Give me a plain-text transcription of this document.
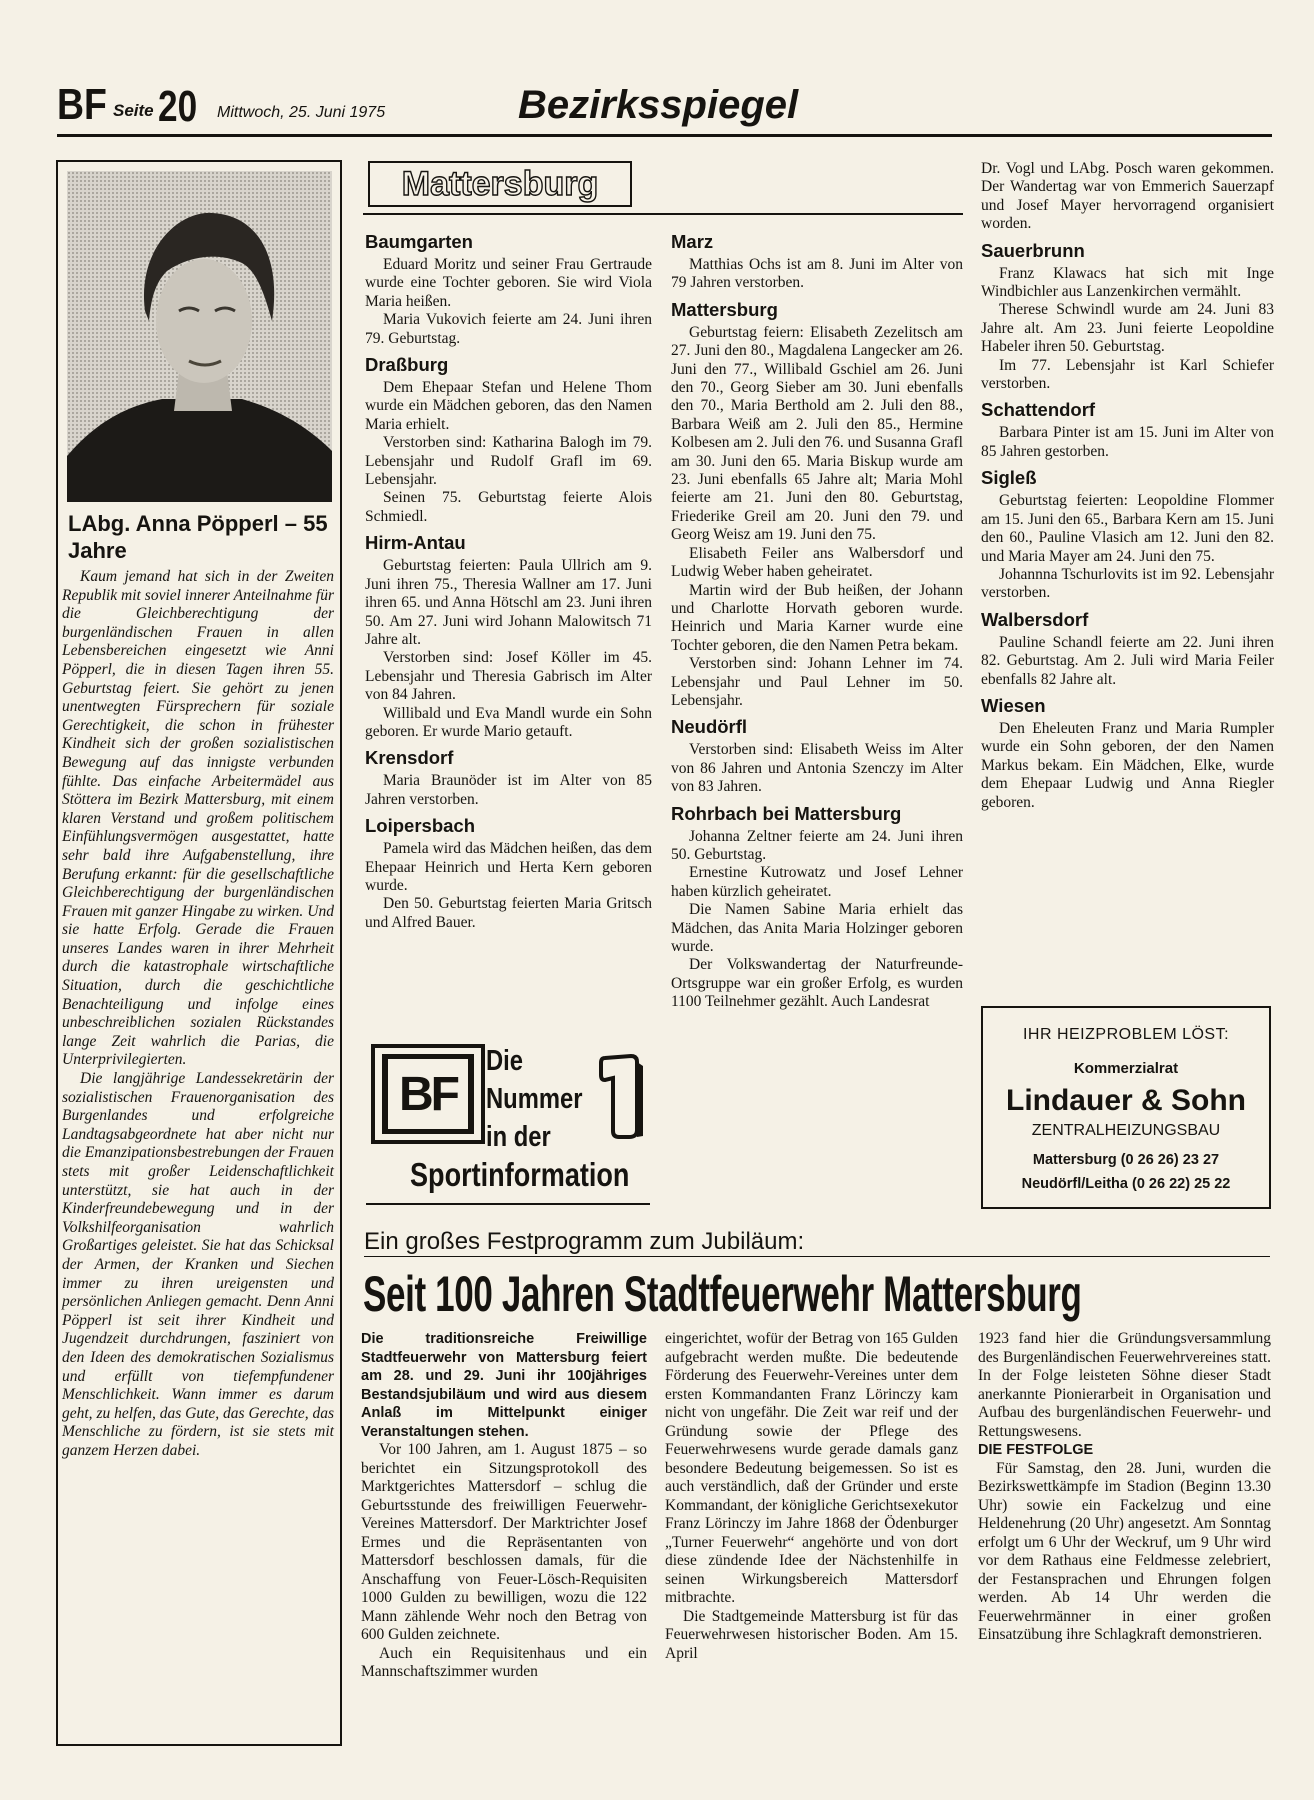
BF Seite 20 Mittwoch, 25. Juni 1975	Bezirksspiegel
LAbg. Anna Pöpperl – 55 Jahre

Kaum jemand hat sich in der Zweiten Republik mit soviel innerer Anteilnahme für die Gleichberechtigung der burgenländischen Frauen in allen Lebensbereichen eingesetzt wie Anni Pöpperl, die in diesen Tagen ihren 55. Geburtstag feiert. Sie gehört zu jenen unentwegten Fürsprechern für soziale Gerechtigkeit, die schon in frühester Kindheit sich der großen sozialistischen Bewegung auf das innigste verbunden fühlte. Das einfache Arbeitermädel aus Stöttera im Bezirk Mattersburg, mit einem klaren Verstand und großem politischem Einfühlungsvermögen ausgestattet, hatte sehr bald ihre Aufgabenstellung, ihre Berufung erkannt: für die gesellschaftliche Gleichberechtigung der burgenländischen Frauen mit ganzer Hingabe zu wirken. Und sie hatte Erfolg. Gerade die Frauen unseres Landes waren in ihrer Mehrheit durch die katastrophale wirtschaftliche Situation, durch die geschichtliche Benachteiligung und infolge eines unbeschreiblichen sozialen Rückstandes lange Zeit wahrlich die Parias, die Unterprivilegierten.

Die langjährige Landessekretärin der sozialistischen Frauenorganisation des Burgenlandes und erfolgreiche Landtagsabgeordnete hat aber nicht nur die Emanzipationsbestrebungen der Frauen stets mit großer Leidenschaftlichkeit unterstützt, sie hat auch in der Kinderfreundebewegung und in der Volkshilfeorganisation wahrlich Großartiges geleistet. Sie hat das Schicksal der Armen, der Kranken und Siechen immer zu ihren ureigensten und persönlichen Anliegen gemacht. Denn Anni Pöpperl ist seit ihrer Kindheit und Jugendzeit durchdrungen, fasziniert von den Ideen des demokratischen Sozialismus und erfüllt von tiefempfundener Menschlichkeit. Wann immer es darum geht, zu helfen, das Gute, das Gerechte, das Menschliche zu fördern, ist sie stets mit ganzem Herzen dabei.

Mattersburg
Baumgarten

Eduard Moritz und seiner Frau Gertraude wurde eine Tochter geboren. Sie wird Viola Maria heißen.

Maria Vukovich feierte am 24. Juni ihren 79. Geburtstag.

Draßburg

Dem Ehepaar Stefan und Helene Thom wurde ein Mädchen geboren, das den Namen Maria erhielt.

Verstorben sind: Katharina Balogh im 79. Lebensjahr und Rudolf Grafl im 69. Lebensjahr.

Seinen 75. Geburtstag feierte Alois Schmiedl.

Hirm-Antau

Geburtstag feierten: Paula Ullrich am 9. Juni ihren 75., Theresia Wallner am 17. Juni ihren 65. und Anna Hötschl am 23. Juni ihren 50. Am 27. Juni wird Johann Malowitsch 71 Jahre alt.

Verstorben sind: Josef Köller im 45. Lebensjahr und Theresia Gabrisch im Alter von 84 Jahren.

Willibald und Eva Mandl wurde ein Sohn geboren. Er wurde Mario getauft.

Krensdorf

Maria Braunöder ist im Alter von 85 Jahren verstorben.

Loipersbach

Pamela wird das Mädchen heißen, das dem Ehepaar Heinrich und Herta Kern geboren wurde.

Den 50. Geburtstag feierten Maria Gritsch und Alfred Bauer.

Marz

Matthias Ochs ist am 8. Juni im Alter von 79 Jahren verstorben.

Mattersburg

Geburtstag feiern: Elisabeth Zezelitsch am 27. Juni den 80., Magdalena Langecker am 26. Juni den 77., Willibald Gschiel am 26. Juni den 70., Georg Sieber am 30. Juni ebenfalls den 70., Maria Berthold am 2. Juli den 88., Barbara Weiß am 2. Juli den 85., Hermine Kolbesen am 2. Juli den 76. und Susanna Grafl am 30. Juni den 65. Maria Biskup wurde am 23. Juni ebenfalls 65 Jahre alt; Maria Mohl feierte am 21. Juni den 80. Geburtstag, Friederike Greil am 20. Juni den 79. und Georg Weisz am 19. Juni den 75.

Elisabeth Feiler ans Walbersdorf und Ludwig Weber haben geheiratet.

Martin wird der Bub heißen, der Johann und Charlotte Horvath geboren wurde. Heinrich und Maria Karner wurde eine Tochter geboren, die den Namen Petra bekam.

Verstorben sind: Johann Lehner im 74. Lebensjahr und Paul Lehner im 50. Lebensjahr.

Neudörfl

Verstorben sind: Elisabeth Weiss im Alter von 86 Jahren und Antonia Szenczy im Alter von 83 Jahren.

Rohrbach bei Mattersburg

Johanna Zeltner feierte am 24. Juni ihren 50. Geburtstag.

Ernestine Kutrowatz und Josef Lehner haben kürzlich geheiratet.

Die Namen Sabine Maria erhielt das Mädchen, das Anita Maria Holzinger geboren wurde.

Der Volkswandertag der Naturfreunde-Ortsgruppe war ein großer Erfolg, es wurden 1100 Teilnehmer gezählt. Auch Landesrat

Dr. Vogl und LAbg. Posch waren gekommen. Der Wandertag war von Emmerich Sauerzapf und Josef Mayer hervorragend organisiert worden.

Sauerbrunn

Franz Klawacs hat sich mit Inge Windbichler aus Lanzenkirchen vermählt.

Therese Schwindl wurde am 24. Juni 83 Jahre alt. Am 23. Juni feierte Leopoldine Habeler ihren 50. Geburtstag.

Im 77. Lebensjahr ist Karl Schiefer verstorben.

Schattendorf

Barbara Pinter ist am 15. Juni im Alter von 85 Jahren gestorben.

Sigleß

Geburtstag feierten: Leopoldine Flommer am 15. Juni den 65., Barbara Kern am 15. Juni den 60., Pauline Vlasich am 12. Juni den 82. und Maria Mayer am 24. Juni den 75.

Johannna Tschurlovits ist im 92. Lebensjahr verstorben.

Walbersdorf

Pauline Schandl feierte am 22. Juni ihren 82. Geburtstag. Am 2. Juli wird Maria Feiler ebenfalls 82 Jahre alt.

Wiesen

Den Eheleuten Franz und Maria Rumpler wurde ein Sohn geboren, der den Namen Markus bekam. Ein Mädchen, Elke, wurde dem Ehepaar Ludwig und Anna Riegler geboren.

BF
Die
Nummer
in der
Sportinformation
IHR HEIZPROBLEM LÖST:
Kommerzialrat
Lindauer & Sohn
ZENTRALHEIZUNGSBAU
Mattersburg (0 26 26) 23 27
Neudörfl/Leitha (0 26 22) 25 22
Ein großes Festprogramm zum Jubiläum:
Seit 100 Jahren Stadtfeuerwehr Mattersburg

Die traditionsreiche Freiwillige Stadtfeuerwehr von Mattersburg feiert am 28. und 29. Juni ihr 100jähriges Bestandsjubiläum und wird aus diesem Anlaß im Mittelpunkt einiger Veranstaltungen stehen.

Vor 100 Jahren, am 1. August 1875 – so berichtet ein Sitzungsprotokoll des Marktgerichtes Mattersdorf – schlug die Geburtsstunde des freiwilligen Feuerwehr-Vereines Mattersdorf. Der Marktrichter Josef Ermes und die Repräsentanten von Mattersdorf beschlossen damals, für die Anschaffung von Feuer-Lösch-Requisiten 1000 Gulden zu bewilligen, wozu die 122 Mann zählende Wehr noch den Betrag von 600 Gulden zeichnete.

Auch ein Requisitenhaus und ein Mannschaftszimmer wurden

eingerichtet, wofür der Betrag von 165 Gulden aufgebracht werden mußte. Die bedeutende Förderung des Feuerwehr-Vereines unter dem ersten Kommandanten Franz Lörinczy kam nicht von ungefähr. Die Zeit war reif und der Gründung sowie der Pflege des Feuerwehrwesens wurde gerade damals ganz besondere Bedeutung beigemessen. So ist es auch verständlich, daß der Gründer und erste Kommandant, der königliche Gerichtsexekutor Franz Lörinczy im Jahre 1868 der Ödenburger „Turner Feuerwehr“ angehörte und von dort diese zündende Idee der Nächstenhilfe in seinen Wirkungsbereich Mattersdorf mitbrachte.

Die Stadtgemeinde Mattersburg ist für das Feuerwehrwesen historischer Boden. Am 15. April

1923 fand hier die Gründungsversammlung des Burgenländischen Feuerwehrvereines statt. In der Folge leisteten Söhne dieser Stadt anerkannte Pionierarbeit in Organisation und Aufbau des burgenländischen Feuerwehr- und Rettungswesens.

DIE FESTFOLGE

Für Samstag, den 28. Juni, wurden die Bezirkswettkämpfe im Stadion (Beginn 13.30 Uhr) sowie ein Fackelzug und eine Heldenehrung (20 Uhr) angesetzt. Am Sonntag erfolgt um 6 Uhr der Weckruf, um 9 Uhr wird vor dem Rathaus eine Feldmesse zelebriert, der Festansprachen und Ehrungen folgen werden. Ab 14 Uhr werden die Feuerwehrmänner in einer großen Einsatzübung ihre Schlagkraft demonstrieren.
